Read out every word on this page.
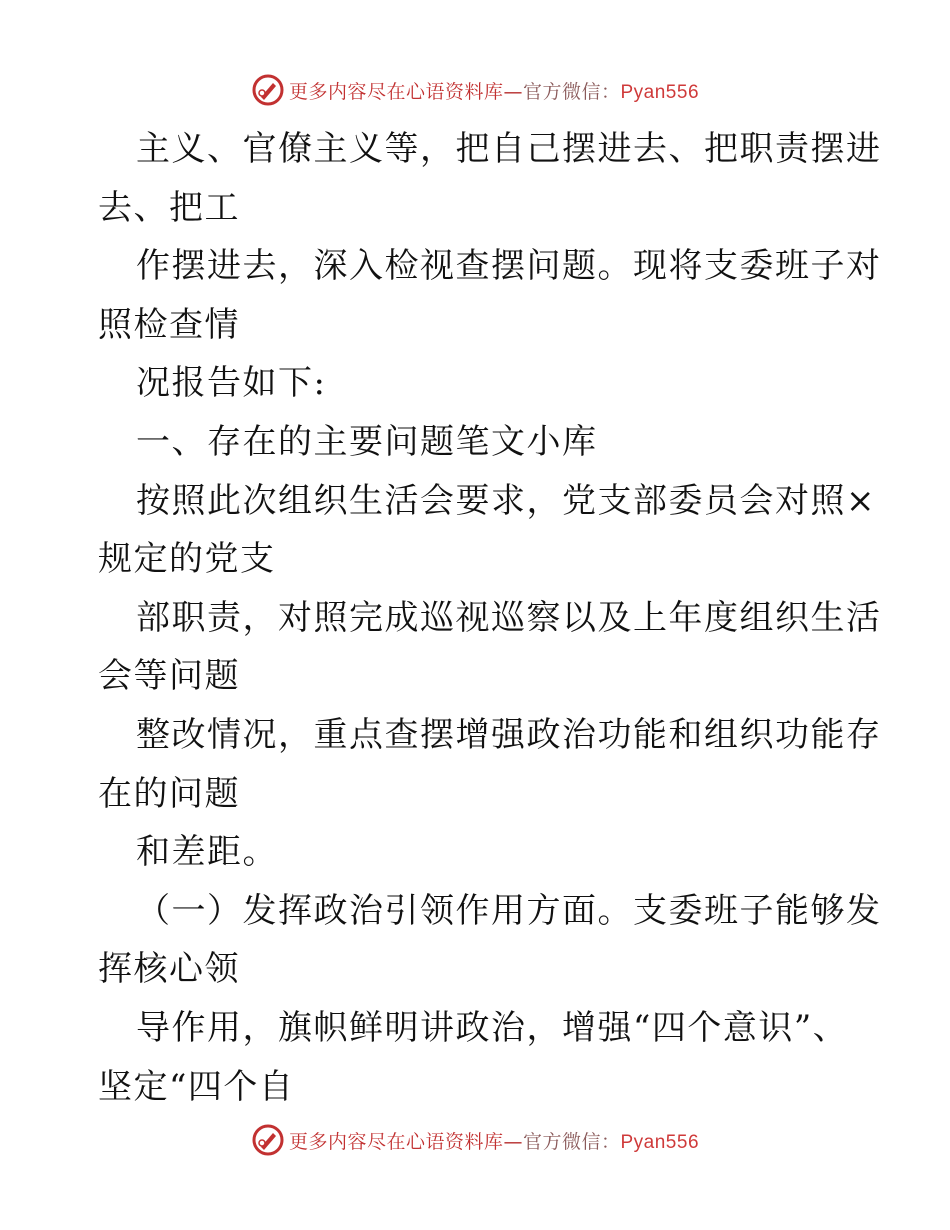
更多内容尽在心语资料库—官方微信：Pyan556
主义、官僚主义等，把自己摆进去、把职责摆进
去、把工
作摆进去，深入检视查摆问题。现将支委班子对
照检查情
况报告如下:
一、存在的主要问题笔文小库
按照此次组织生活会要求，党支部委员会对照×
规定的党支
部职责，对照完成巡视巡察以及上年度组织生活
会等问题
整改情况，重点查摆增强政治功能和组织功能存
在的问题
和差距。
（一）发挥政治引领作用方面。支委班子能够发
挥核心领
导作用，旗帜鲜明讲政治，增强“四个意识”、
坚定“四个自
更多内容尽在心语资料库—官方微信：Pyan556
